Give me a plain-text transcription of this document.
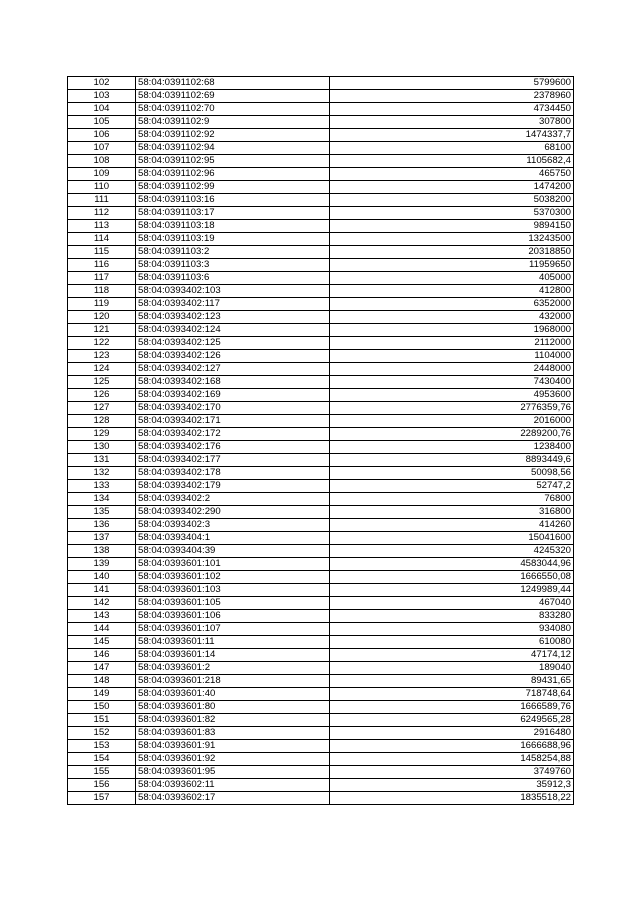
102	58:04:0391102:68	5799600
103	58:04:0391102:69	2378960
104	58:04:0391102:70	4734450
105	58:04:0391102:9	307800
106	58:04:0391102:92	1474337,7
107	58:04:0391102:94	68100
108	58:04:0391102:95	1105682,4
109	58:04:0391102:96	465750
110	58:04:0391102:99	1474200
111	58:04:0391103:16	5038200
112	58:04:0391103:17	5370300
113	58:04:0391103:18	9894150
114	58:04:0391103:19	13243500
115	58:04:0391103:2	20318850
116	58:04:0391103:3	11959650
117	58:04:0391103:6	405000
118	58:04:0393402:103	412800
119	58:04:0393402:117	6352000
120	58:04:0393402:123	432000
121	58:04:0393402:124	1968000
122	58:04:0393402:125	2112000
123	58:04:0393402:126	1104000
124	58:04:0393402:127	2448000
125	58:04:0393402:168	7430400
126	58:04:0393402:169	4953600
127	58:04:0393402:170	2776359,76
128	58:04:0393402:171	2016000
129	58:04:0393402:172	2289200,76
130	58:04:0393402:176	1238400
131	58:04:0393402:177	8893449,6
132	58:04:0393402:178	50098,56
133	58:04:0393402:179	52747,2
134	58:04:0393402:2	76800
135	58:04:0393402:290	316800
136	58:04:0393402:3	414260
137	58:04:0393404:1	15041600
138	58:04:0393404:39	4245320
139	58:04:0393601:101	4583044,96
140	58:04:0393601:102	1666550,08
141	58:04:0393601:103	1249989,44
142	58:04:0393601:105	467040
143	58:04:0393601:106	833280
144	58:04:0393601:107	934080
145	58:04:0393601:11	610080
146	58:04:0393601:14	47174,12
147	58:04:0393601:2	189040
148	58:04:0393601:218	89431,65
149	58:04:0393601:40	718748,64
150	58:04:0393601:80	1666589,76
151	58:04:0393601:82	6249565,28
152	58:04:0393601:83	2916480
153	58:04:0393601:91	1666688,96
154	58:04:0393601:92	1458254,88
155	58:04:0393601:95	3749760
156	58:04:0393602:11	35912,3
157	58:04:0393602:17	1835518,22
